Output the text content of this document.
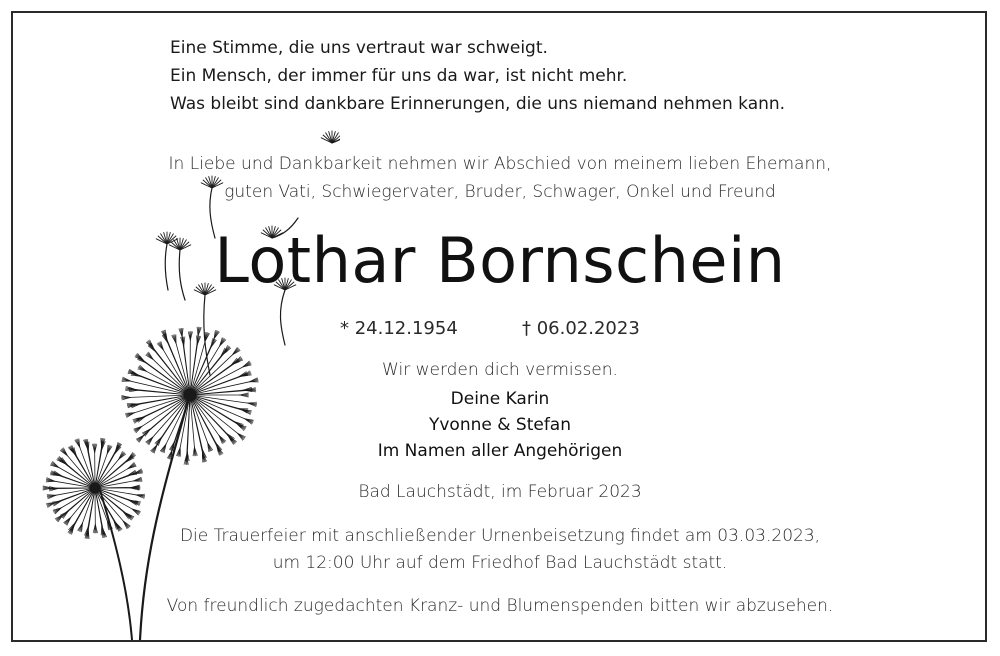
Eine Stimme, die uns vertraut war schweigt.
Ein Mensch, der immer für uns da war, ist nicht mehr.
Was bleibt sind dankbare Erinnerungen, die uns niemand nehmen kann.
In Liebe und Dankbarkeit nehmen wir Abschied von meinem lieben Ehemann,
guten Vati, Schwiegervater, Bruder, Schwager, Onkel und Freund
Lothar Bornschein
* 24.12.1954	† 06.02.2023
Wir werden dich vermissen.
Deine Karin
Yvonne & Stefan
Im Namen aller Angehörigen
Bad Lauchstädt, im Februar 2023
Die Trauerfeier mit anschließender Urnenbeisetzung findet am 03.03.2023,
um 12:00 Uhr auf dem Friedhof Bad Lauchstädt statt.
Von freundlich zugedachten Kranz- und Blumenspenden bitten wir abzusehen.
